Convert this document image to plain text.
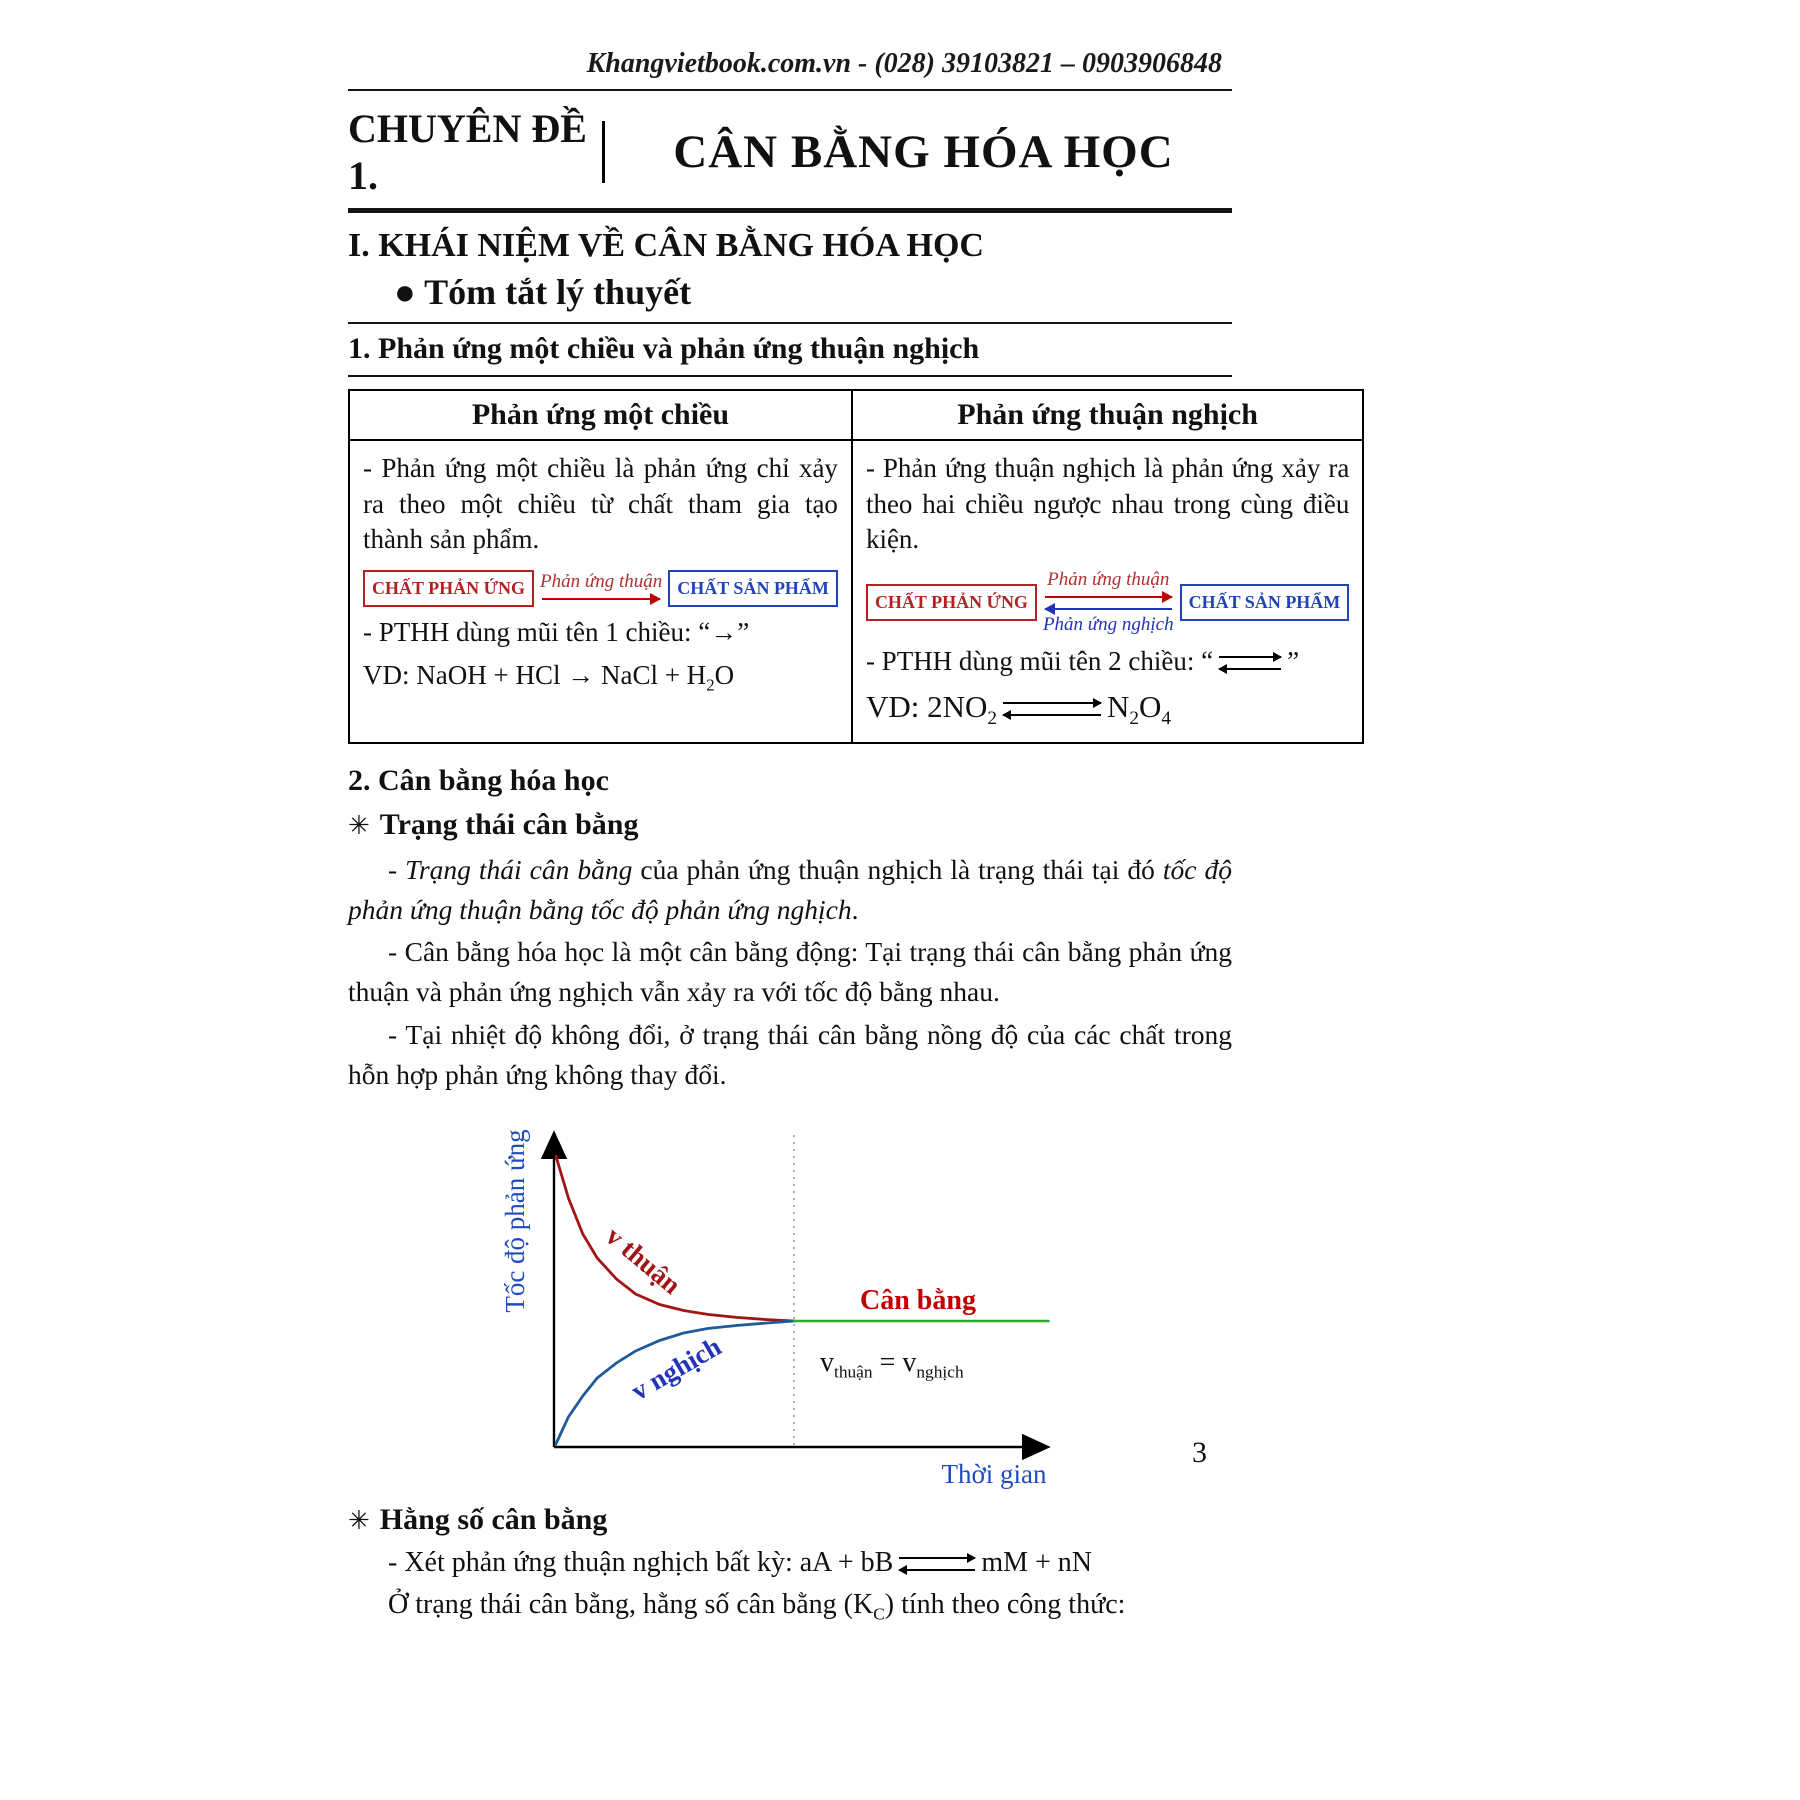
Khangvietbook.com.vn - (028) 39103821 – 0903906848
CHUYÊN ĐỀ 1.	CÂN BẰNG HÓA HỌC
I. KHÁI NIỆM VỀ CÂN BẰNG HÓA HỌC
● Tóm tắt lý thuyết
1. Phản ứng một chiều và phản ứng thuận nghịch
Phản ứng một chiều	Phản ứng thuận nghịch

- Phản ứng một chiều là phản ứng chỉ xảy ra theo một chiều từ chất tham gia tạo thành sản phẩm.

CHẤT PHẢN ỨNG Phản ứng thuận CHẤT SẢN PHẨM
- PTHH dùng mũi tên 1 chiều: “→”
VD: NaOH + HCl → NaCl + $H_2O$

- Phản ứng thuận nghịch là phản ứng xảy ra theo hai chiều ngược nhau trong cùng điều kiện.

CHẤT PHẢN ỨNG
Phản ứng thuận
Phản ứng nghịch
CHẤT SẢN PHẨM
- PTHH dùng mũi tên 2 chiều: “ ⇌ ”
VD: $2NO_2$ ⇌ $N_2O_4$
2. Cân bằng hóa học
✳ Trạng thái cân bằng

- Trạng thái cân bằng của phản ứng thuận nghịch là trạng thái tại đó tốc độ phản ứng thuận bằng tốc độ phản ứng nghịch.

- Cân bằng hóa học là một cân bằng động: Tại trạng thái cân bằng phản ứng thuận và phản ứng nghịch vẫn xảy ra với tốc độ bằng nhau.

- Tại nhiệt độ không đổi, ở trạng thái cân bằng nồng độ của các chất trong hỗn hợp phản ứng không thay đổi.

Tốc độ phản ứng
Thời gian
v thuận
v nghịch
Cân bằng
$v_{thuận} = v_{nghịch}$
✳ Hằng số cân bằng
- Xét phản ứng thuận nghịch bất kỳ: aA + bB ⇌ mM + nN
Ở trạng thái cân bằng, hằng số cân bằng $(K_C)$ tính theo công thức:
3
